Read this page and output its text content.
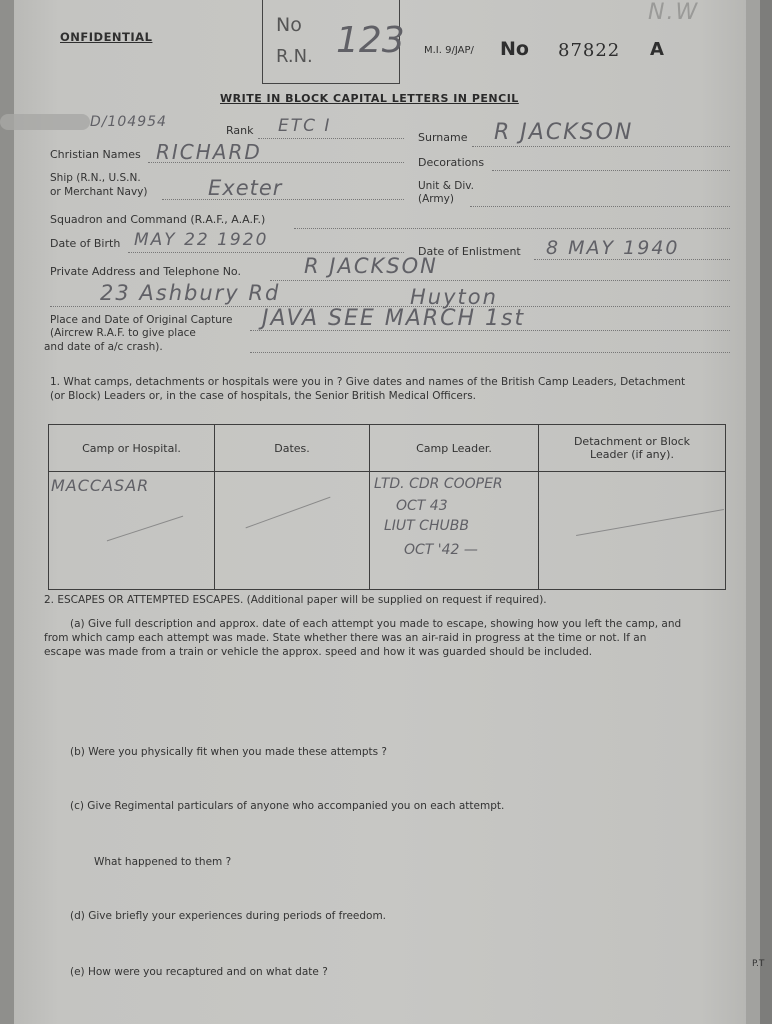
ONFIDENTIAL
No
R.N. 123 M.I. 9/JAP/ No 87822 A
N.W
WRITE IN BLOCK CAPITAL LETTERS IN PENCIL
D/104954
Rank ETC I
Surname R JACKSON
Christian Names RICHARD	Decorations
Ship (R.N., U.S.N.
or Merchant Navy)	Exeter	Unit & Div.
(Army)
Squadron and Command (R.A.F., A.A.F.)
Date of Birth MAY 22 1920
Date of Enlistment 8 MAY 1940
Private Address and Telephone No.	R JACKSON
23 Ashbury Rd	Huyton
Place and Date of Original Capture
(Aircrew R.A.F. to give place
and date of a/c crash).
JAVA SEE MARCH 1st
1. What camps, detachments or hospitals were you in ? Give dates and names of the British Camp Leaders, Detachment
(or Block) Leaders or, in the case of hospitals, the Senior British Medical Officers.
Camp or Hospital.	Dates.	Camp Leader.	Detachment or Block Leader (if any).

MACCASAR		LTD. CDR COOPER
OCT 43
LIUT CHUBB
OCT '42 —	

2. ESCAPES OR ATTEMPTED ESCAPES. (Additional paper will be supplied on request if required).
(a) Give full description and approx. date of each attempt you made to escape, showing how you left the camp, and
from which camp each attempt was made. State whether there was an air-raid in progress at the time or not. If an
escape was made from a train or vehicle the approx. speed and how it was guarded should be included.
(b) Were you physically fit when you made these attempts ?
(c) Give Regimental particulars of anyone who accompanied you on each attempt.
What happened to them ?
(d) Give briefly your experiences during periods of freedom.
(e) How were you recaptured and on what date ?
P.T
